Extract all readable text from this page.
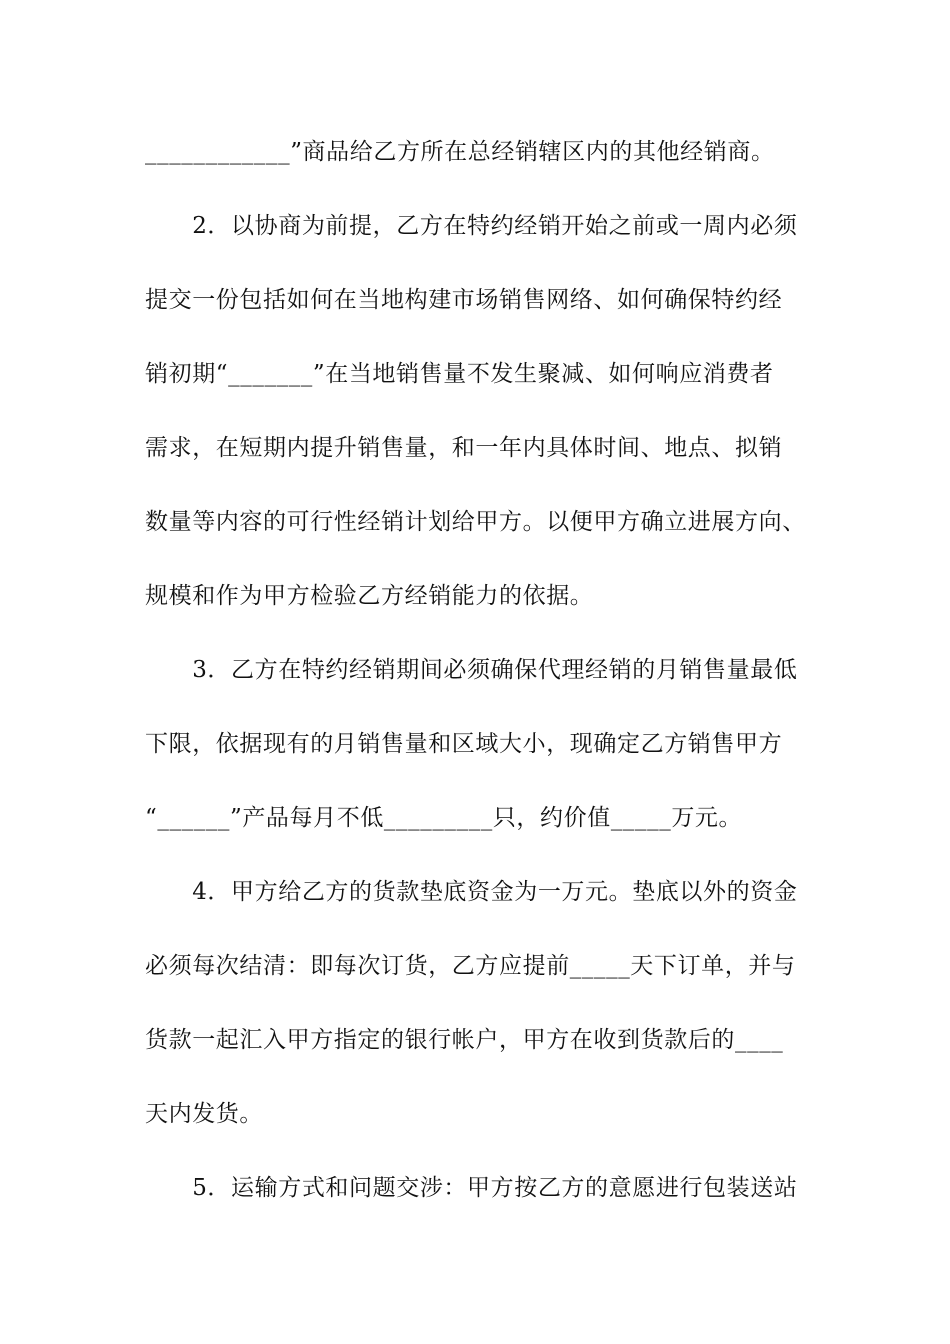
____________”商品给乙方所在总经销辖区内的其他经销商。
　　2．以协商为前提，乙方在特约经销开始之前或一周内必须
提交一份包括如何在当地构建市场销售网络、如何确保特约经
销初期“_______”在当地销售量不发生聚减、如何响应消费者
需求，在短期内提升销售量，和一年内具体时间、地点、拟销
数量等内容的可行性经销计划给甲方。以便甲方确立进展方向、
规模和作为甲方检验乙方经销能力的依据。
　　3．乙方在特约经销期间必须确保代理经销的月销售量最低
下限，依据现有的月销售量和区域大小，现确定乙方销售甲方
“______”产品每月不低_________只，约价值_____万元。
　　4．甲方给乙方的货款垫底资金为一万元。垫底以外的资金
必须每次结清：即每次订货，乙方应提前_____天下订单，并与
货款一起汇入甲方指定的银行帐户，甲方在收到货款后的____
天内发货。
　　5．运输方式和问题交涉：甲方按乙方的意愿进行包装送站
